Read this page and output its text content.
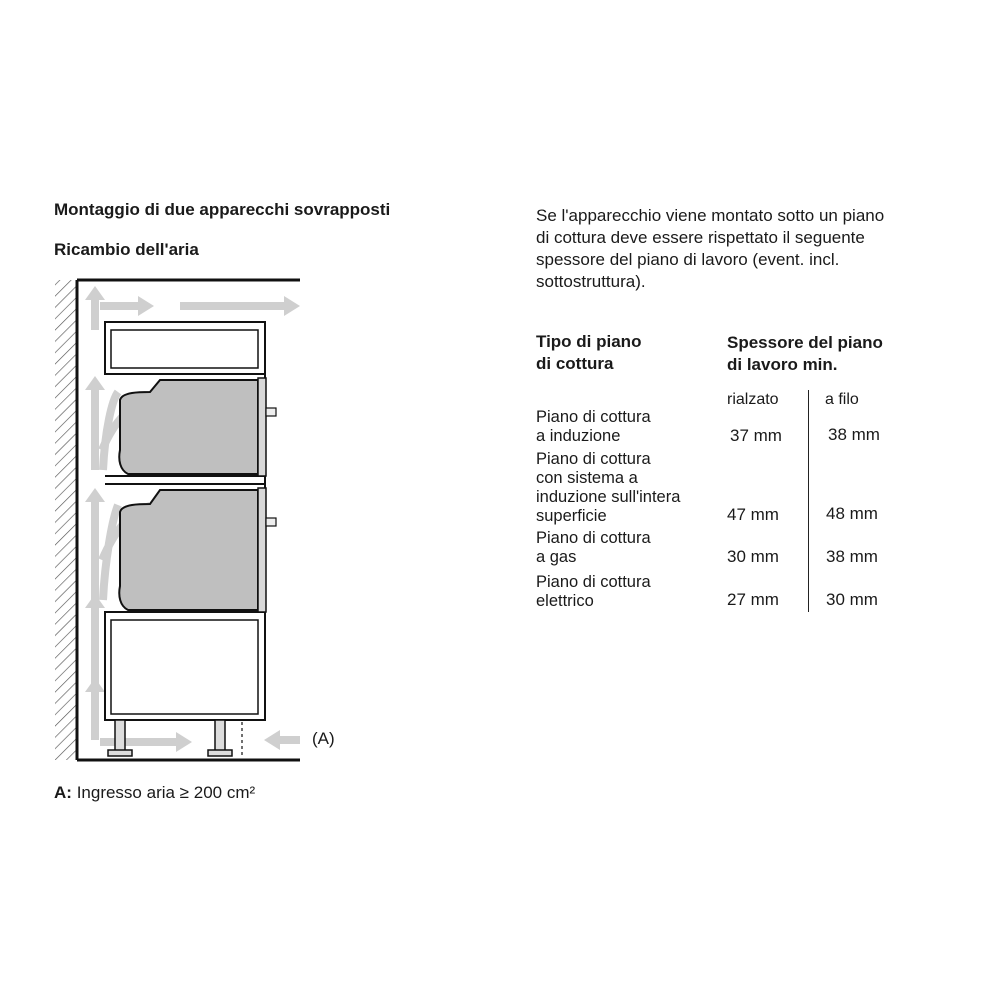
Montaggio di due apparecchi sovrapposti
Ricambio dell'aria
(A)
A: Ingresso aria ≥ 200 cm²
Se l'apparecchio viene montato sotto un piano
di cottura deve essere rispettato il seguente
spessore del piano di lavoro (event. incl.
sottostruttura).
Tipo di piano
di cottura
Spessore del piano
di lavoro min.
rialzato	a filo
Piano di cottura
a induzione	37 mm	38 mm
Piano di cottura
con sistema a
induzione sull'intera
superficie	47 mm	48 mm
Piano di cottura
a gas	30 mm	38 mm
Piano di cottura
elettrico	27 mm	30 mm
